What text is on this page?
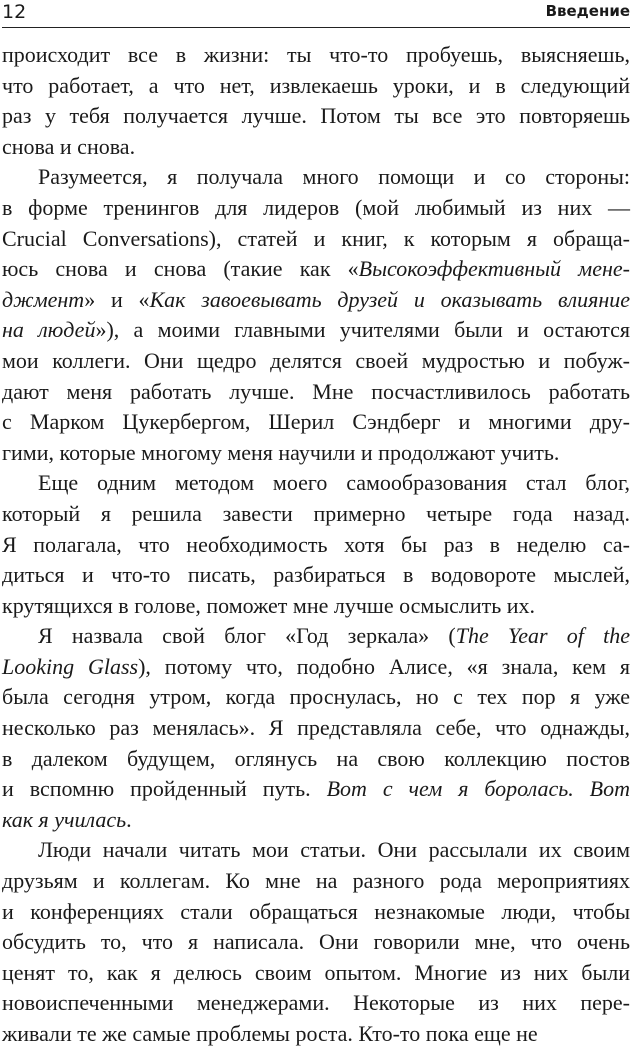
12	Введение
происходит все в жизни: ты что-то пробуешь, выясняешь,
что работает, а что нет, извлекаешь уроки, и в следующий
раз у тебя получается лучше. Потом ты все это повторяешь
снова и снова.
Разумеется, я получала много помощи и со стороны:
в форме тренингов для лидеров (мой любимый из них —
Crucial Conversations), статей и книг, к которым я обраща-
юсь снова и снова (такие как «Высокоэффективный мене-
джмент» и «Как завоевывать друзей и оказывать влияние
на людей»), а моими главными учителями были и остаются
мои коллеги. Они щедро делятся своей мудростью и побуж-
дают меня работать лучше. Мне посчастливилось работать
с Марком Цукербергом, Шерил Сэндберг и многими дру-
гими, которые многому меня научили и продолжают учить.
Еще одним методом моего самообразования стал блог,
который я решила завести примерно четыре года назад.
Я полагала, что необходимость хотя бы раз в неделю са-
диться и что-то писать, разбираться в водовороте мыслей,
крутящихся в голове, поможет мне лучше осмыслить их.
Я назвала свой блог «Год зеркала» (The Year of the
Looking Glass), потому что, подобно Алисе, «я знала, кем я
была сегодня утром, когда проснулась, но с тех пор я уже
несколько раз менялась». Я представляла себе, что однажды,
в далеком будущем, оглянусь на свою коллекцию постов
и вспомню пройденный путь. Вот с чем я боролась. Вот
как я училась.
Люди начали читать мои статьи. Они рассылали их своим
друзьям и коллегам. Ко мне на разного рода мероприятиях
и конференциях стали обращаться незнакомые люди, чтобы
обсудить то, что я написала. Они говорили мне, что очень
ценят то, как я делюсь своим опытом. Многие из них были
новоиспеченными менеджерами. Некоторые из них пере-
живали те же самые проблемы роста. Кто-то пока еще не
